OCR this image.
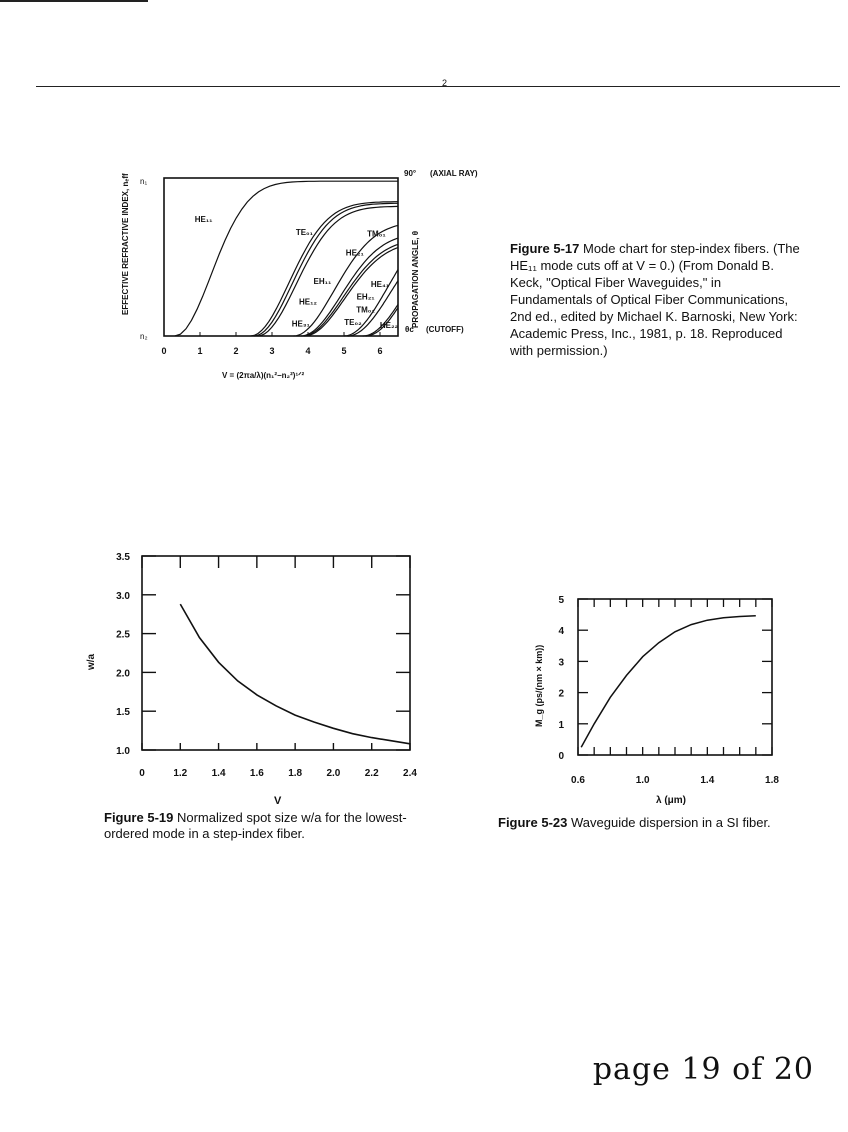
2
0	1	2	3	4	5	6
HE₁₁
TE₀₁	TM₀₁
HE₂₁
TM₀₂
HE₃₁
EH₁₁
HE₁₂
HE₄₁
EH₂₁
TE₀₂ HE₂₂
n₁
n₂
90° (AXIAL RAY)
θc (CUTOFF)
EFFECTIVE REFRACTIVE INDEX, nₑff	PROPAGATION ANGLE, θ
V = (2πa/λ)(n₁²−n₂²)¹ᐟ²
Figure 5-17 Mode chart for step-index fibers. (The HE₁₁ mode cuts off at V = 0.) (From Donald B. Keck, "Optical Fiber Waveguides," in Fundamentals of Optical Fiber Communications, 2nd ed., edited by Michael K. Barnoski, New York: Academic Press, Inc., 1981, p. 18. Reproduced with permission.)
0	1.2 1.4 1.6 1.8 2.0 2.2 2.4
1.0
1.5
2.0
2.5
3.0
3.5
w/a
V
Figure 5-19 Normalized spot size w/a for the lowest-ordered mode in a step-index fiber.
0.6	1.0	1.4	1.8
0
1
2
3
4
5
M_g (ps/(nm × km))
λ (μm)
Figure 5-23 Waveguide dispersion in a SI fiber.
page 19 of 20
